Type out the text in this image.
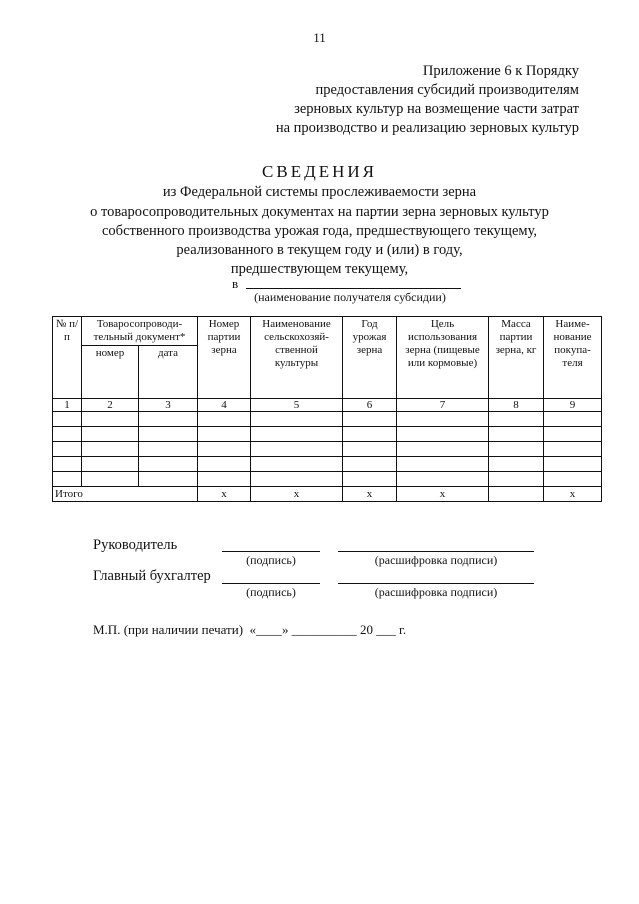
11
Приложение 6 к Порядку
предоставления субсидий производителям
зерновых культур на возмещение части затрат
на производство и реализацию зерновых культур
СВЕДЕНИЯ
из Федеральной системы прослеживаемости зерна
о товаросопроводительных документах на партии зерна зерновых культур
собственного производства урожая года, предшествующего текущему,
реализованного в текущем году и (или) в году,
предшествующем текущему,
в
(наименование получателя субсидии)
№ п/п	Товаросопроводи- тельный документ*		Номер партии зерна	Наименование сельскохозяй- ственной культуры	Год урожая зерна	Цель использования зерна (пищевые или кормовые)	Масса партии зерна, кг	Наиме- нование покупа- теля
	номер	дата						
1	2	3	4	5	6	7	8	9

Итого			x	x	x	x		x
Руководитель
(подпись)	(расшифровка подписи)
Главный бухгалтер
(подпись)	(расшифровка подписи)
М.П. (при наличии печати)  «____» __________ 20 ___ г.
